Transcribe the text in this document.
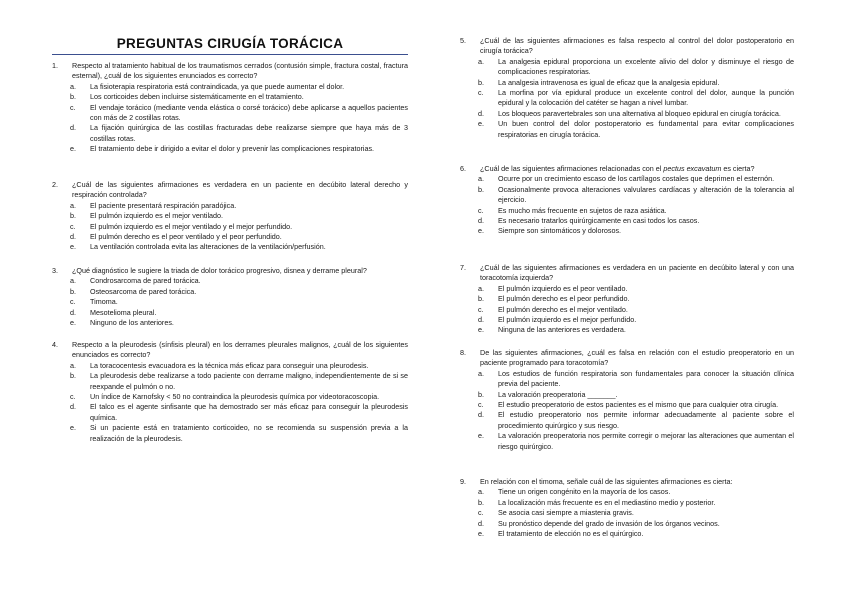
PREGUNTAS CIRUGÍA TORÁCICA
1.	Respecto al tratamiento habitual de los traumatismos cerrados (contusión simple, fractura costal, fractura esternal), ¿cuál de los siguientes enunciados es correcto?
a. La fisioterapia respiratoria está contraindicada, ya que puede aumentar el dolor.
b. Los corticoides deben incluirse sistemáticamente en el tratamiento.
c. El vendaje torácico (mediante venda elástica o corsé torácico) debe aplicarse a aquellos pacientes con más de 2 costillas rotas.
d. La fijación quirúrgica de las costillas fracturadas debe realizarse siempre que haya más de 3 costillas rotas.
e. El tratamiento debe ir dirigido a evitar el dolor y prevenir las complicaciones respiratorias.
2.	¿Cuál de las siguientes afirmaciones es verdadera en un paciente en decúbito lateral derecho y respiración controlada?
a. El paciente presentará respiración paradójica.
b. El pulmón izquierdo es el mejor ventilado.
c. El pulmón izquierdo es el mejor ventilado y el mejor perfundido.
d. El pulmón derecho es el peor ventilado y el peor perfundido.
e. La ventilación controlada evita las alteraciones de la ventilación/perfusión.
3.	¿Qué diagnóstico le sugiere la triada de dolor torácico progresivo, disnea y derrame pleural?
a. Condrosarcoma de pared torácica.
b. Osteosarcoma de pared torácica.
c. Timoma.
d. Mesotelioma pleural.
e. Ninguno de los anteriores.
4.	Respecto a la pleurodesis (sínfisis pleural) en los derrames pleurales malignos, ¿cuál de los siguientes enunciados es correcto?
a. La toracocentesis evacuadora es la técnica más eficaz para conseguir una pleurodesis.
b. La pleurodesis debe realizarse a todo paciente con derrame maligno, independientemente de si se reexpande el pulmón o no.
c. Un índice de Karnofsky < 50 no contraindica la pleurodesis química por videotoracoscopia.
d. El talco es el agente sinfisante que ha demostrado ser más eficaz para conseguir la pleurodesis química.
e. Si un paciente está en tratamiento corticoideo, no se recomienda su suspensión previa a la realización de la pleurodesis.
5.	¿Cuál de las siguientes afirmaciones es falsa respecto al control del dolor postoperatorio en cirugía torácica?
a. La analgesia epidural proporciona un excelente alivio del dolor y disminuye el riesgo de complicaciones respiratorias.
b. La analgesia intravenosa es igual de eficaz que la analgesia epidural.
c. La morfina por vía epidural produce un excelente control del dolor, aunque la punción epidural y la colocación del catéter se hagan a nivel lumbar.
d. Los bloqueos paravertebrales son una alternativa al bloqueo epidural en cirugía torácica.
e. Un buen control del dolor postoperatorio es fundamental para evitar complicaciones respiratorias en cirugía torácica.
6.	¿Cuál de las siguientes afirmaciones relacionadas con el pectus excavatum es cierta?
a. Ocurre por un crecimiento escaso de los cartílagos costales que deprimen el esternón.
b. Ocasionalmente provoca alteraciones valvulares cardíacas y alteración de la tolerancia al ejercicio.
c. Es mucho más frecuente en sujetos de raza asiática.
d. Es necesario tratarlos quirúrgicamente en casi todos los casos.
e. Siempre son sintomáticos y dolorosos.
7.	¿Cuál de las siguientes afirmaciones es verdadera en un paciente en decúbito lateral y con una toracotomía izquierda?
a. El pulmón izquierdo es el peor ventilado.
b. El pulmón derecho es el peor perfundido.
c. El pulmón derecho es el mejor ventilado.
d. El pulmón izquierdo es el mejor perfundido.
e. Ninguna de las anteriores es verdadera.
8.	De las siguientes afirmaciones, ¿cuál es falsa en relación con el estudio preoperatorio en un paciente programado para toracotomía?
a. Los estudios de función respiratoria son fundamentales para conocer la situación clínica previa del paciente.
b. La valoración preoperatoria _______.
c. El estudio preoperatorio de estos pacientes es el mismo que para cualquier otra cirugía.
d. El estudio preoperatorio nos permite informar adecuadamente al paciente sobre el procedimiento quirúrgico y sus riesgo.
e. La valoración preoperatoria nos permite corregir o mejorar las alteraciones que aumentan el riesgo quirúrgico.
9.	En relación con el timoma, señale cuál de las siguientes afirmaciones es cierta:
a. Tiene un origen congénito en la mayoría de los casos.
b. La localización más frecuente es en el mediastino medio y posterior.
c. Se asocia casi siempre a miastenia gravis.
d. Su pronóstico depende del grado de invasión de los órganos vecinos.
e. El tratamiento de elección no es el quirúrgico.
